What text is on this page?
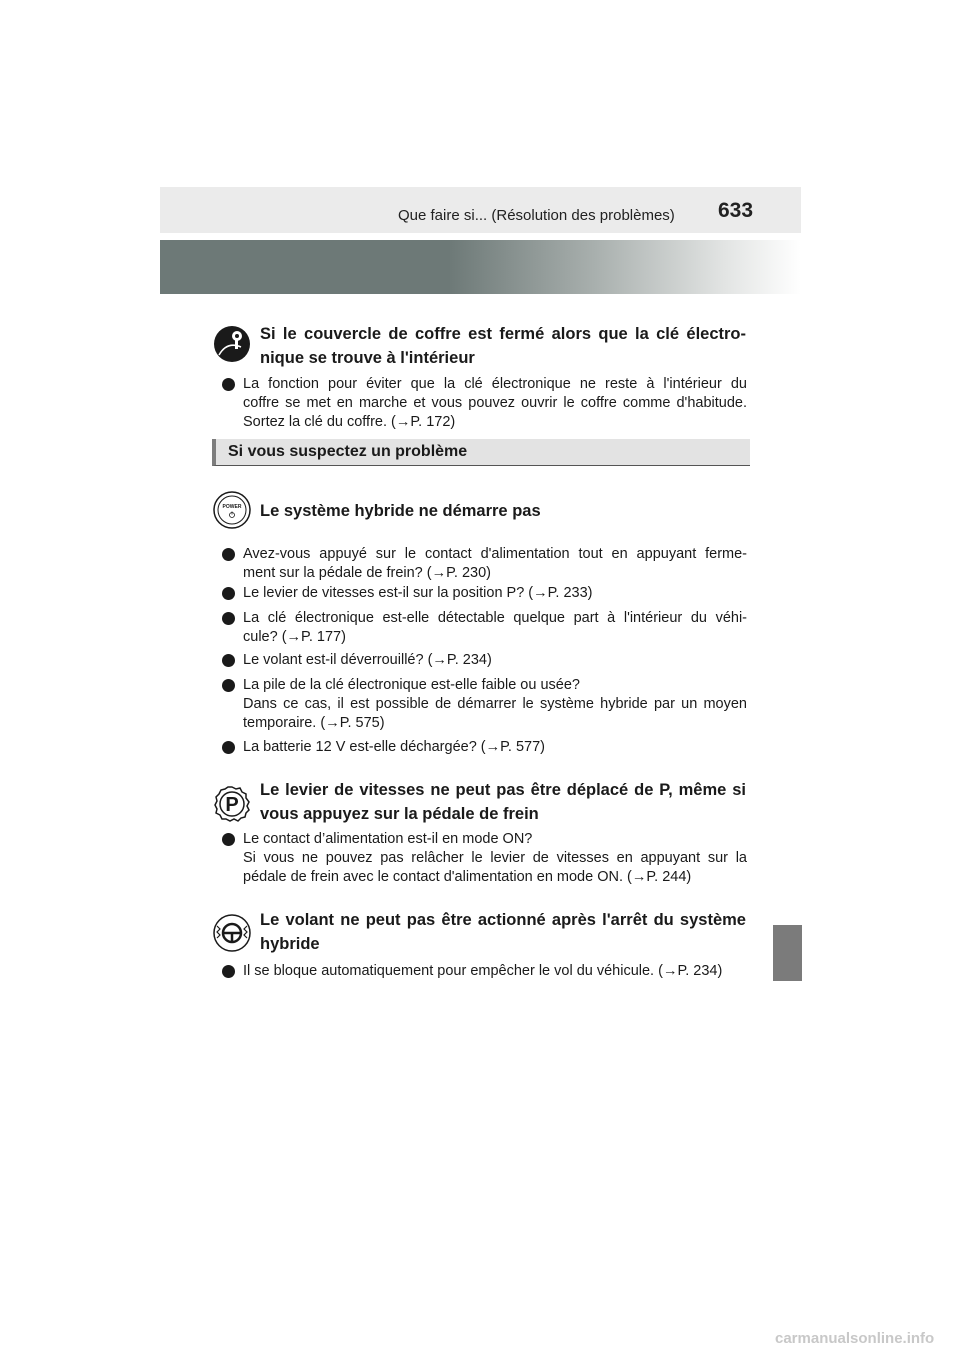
Que faire si... (Résolution des problèmes) 633
Si le couvercle de coffre est fermé alors que la clé électro-
nique se trouve à l'intérieur
La fonction pour éviter que la clé électronique ne reste à l'intérieur du
coffre se met en marche et vous pouvez ouvrir le coffre comme d'habitude.
Sortez la clé du coffre. (→P. 172)
Si vous suspectez un problème
POWER Le système hybride ne démarre pas
Avez-vous appuyé sur le contact d'alimentation tout en appuyant ferme-
ment sur la pédale de frein? (→P. 230)
Le levier de vitesses est-il sur la position P? (→P. 233)
La clé électronique est-elle détectable quelque part à l'intérieur du véhi-
cule? (→P. 177)
Le volant est-il déverrouillé? (→P. 234)
La pile de la clé électronique est-elle faible ou usée?
Dans ce cas, il est possible de démarrer le système hybride par un moyen
temporaire. (→P. 575)
La batterie 12 V est-elle déchargée? (→P. 577)
P
Le levier de vitesses ne peut pas être déplacé de P, même si
vous appuyez sur la pédale de frein
Le contact d’alimentation est-il en mode ON?
Si vous ne pouvez pas relâcher le levier de vitesses en appuyant sur la
pédale de frein avec le contact d'alimentation en mode ON. (→P. 244)
Le volant ne peut pas être actionné après l'arrêt du système
hybride
Il se bloque automatiquement pour empêcher le vol du véhicule. (→P. 234)
carmanualsonline.info
